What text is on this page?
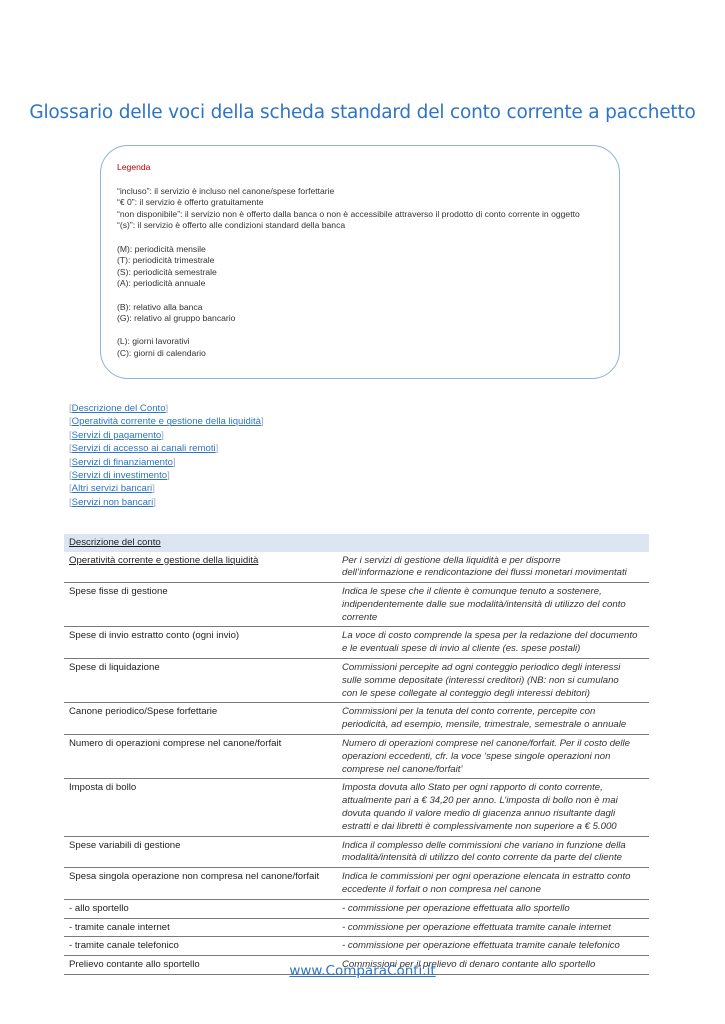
Glossario delle voci della scheda standard del conto corrente a pacchetto
Legenda
“incluso”: il servizio è incluso nel canone/spese forfettarie
“€ 0”: il servizio è offerto gratuitamente
“non disponibile”: il servizio non è offerto dalla banca o non è accessibile attraverso il prodotto di conto corrente in oggetto
“(s)”: il servizio è offerto alle condizioni standard della banca
(M): periodicità mensile
(T): periodicità trimestrale
(S): periodicità semestrale
(A): periodicità annuale
(B): relativo alla banca
(G): relativo al gruppo bancario
(L): giorni lavorativi
(C): giorni di calendario
[Descrizione del Conto]
[Operatività corrente e gestione della liquidità]
[Servizi di pagamento]
[Servizi di accesso ai canali remoti]
[Servizi di finanziamento]
[Servizi di investimento]
[Altri servizi bancari]
[Servizi non bancari]
Descrizione del conto
Operatività corrente e gestione della liquidità	Per i servizi di gestione della liquidità e per disporre
dell’informazione e rendicontazione dei flussi monetari movimentati
Spese fisse di gestione	Indica le spese che il cliente è comunque tenuto a sostenere,
indipendentemente dalle sue modalità/intensità di utilizzo del conto
corrente
Spese di invio estratto conto (ogni invio)	La voce di costo comprende la spesa per la redazione del documento
e le eventuali spese di invio al cliente (es. spese postali)
Spese di liquidazione	Commissioni percepite ad ogni conteggio periodico degli interessi
sulle somme depositate (interessi creditori) (NB: non si cumulano
con le spese collegate al conteggio degli interessi debitori)
Canone periodico/Spese forfettarie	Commissioni per la tenuta del conto corrente, percepite con
periodicità, ad esempio, mensile, trimestrale, semestrale o annuale
Numero di operazioni comprese nel canone/forfait	Numero di operazioni comprese nel canone/forfait. Per il costo delle
operazioni eccedenti, cfr. la voce ‘spese singole operazioni non
comprese nel canone/forfait’
Imposta di bollo	Imposta dovuta allo Stato per ogni rapporto di conto corrente,
attualmente pari a € 34,20 per anno. L’imposta di bollo non è mai
dovuta quando il valore medio di giacenza annuo risultante dagli
estratti e dai libretti è complessivamente non superiore a € 5.000
Spese variabili di gestione	Indica il complesso delle commissioni che variano in funzione della
modalità/intensità di utilizzo del conto corrente da parte del cliente
Spesa singola operazione non compresa nel canone/forfait	Indica le commissioni per ogni operazione elencata in estratto conto
eccedente il forfait o non compresa nel canone
- allo sportello	- commissione per operazione effettuata allo sportello
- tramite canale internet	- commissione per operazione effettuata tramite canale internet
- tramite canale telefonico	- commissione per operazione effettuata tramite canale telefonico
Prelievo contante allo sportello	Commissioni per il prelievo di denaro contante allo sportello
www.ComparaConti.it
